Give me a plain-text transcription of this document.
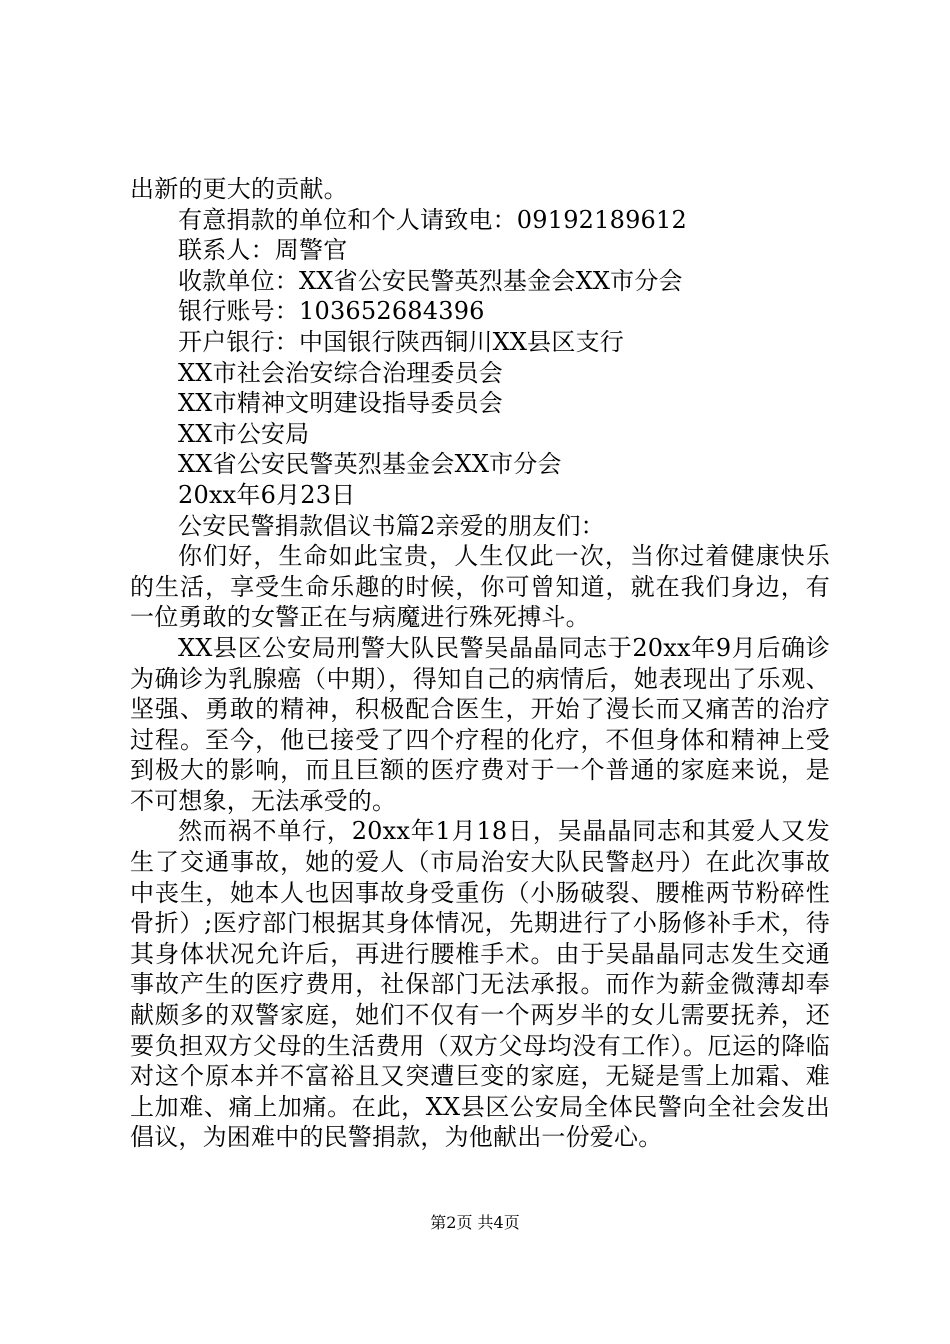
出新的更大的贡献。

有意捐款的单位和个人请致电：09192189612

联系人：周警官

收款单位：XX省公安民警英烈基金会XX市分会

银行账号：103652684396

开户银行：中国银行陕西铜川XX县区支行

XX市社会治安综合治理委员会

XX市精神文明建设指导委员会

XX市公安局

XX省公安民警英烈基金会XX市分会

20xx年6月23日

公安民警捐款倡议书篇2亲爱的朋友们：

你们好，生命如此宝贵，人生仅此一次，当你过着健康快乐的生活，享受生命乐趣的时候，你可曾知道，就在我们身边，有一位勇敢的女警正在与病魔进行殊死搏斗。

XX县区公安局刑警大队民警吴晶晶同志于20xx年9月后确诊为确诊为乳腺癌（中期），得知自己的病情后，她表现出了乐观、坚强、勇敢的精神，积极配合医生，开始了漫长而又痛苦的治疗过程。至今，他已接受了四个疗程的化疗，不但身体和精神上受到极大的影响，而且巨额的医疗费对于一个普通的家庭来说，是不可想象，无法承受的。

然而祸不单行，20xx年1月18日，吴晶晶同志和其爱人又发生了交通事故，她的爱人（市局治安大队民警赵丹）在此次事故中丧生，她本人也因事故身受重伤（小肠破裂、腰椎两节粉碎性骨折）;医疗部门根据其身体情况，先期进行了小肠修补手术，待其身体状况允许后，再进行腰椎手术。由于吴晶晶同志发生交通事故产生的医疗费用，社保部门无法承报。而作为薪金微薄却奉献颇多的双警家庭，她们不仅有一个两岁半的女儿需要抚养，还要负担双方父母的生活费用（双方父母均没有工作）。厄运的降临对这个原本并不富裕且又突遭巨变的家庭，无疑是雪上加霜、难上加难、痛上加痛。在此，XX县区公安局全体民警向全社会发出倡议，为困难中的民警捐款，为他献出一份爱心。

第2页 共4页
